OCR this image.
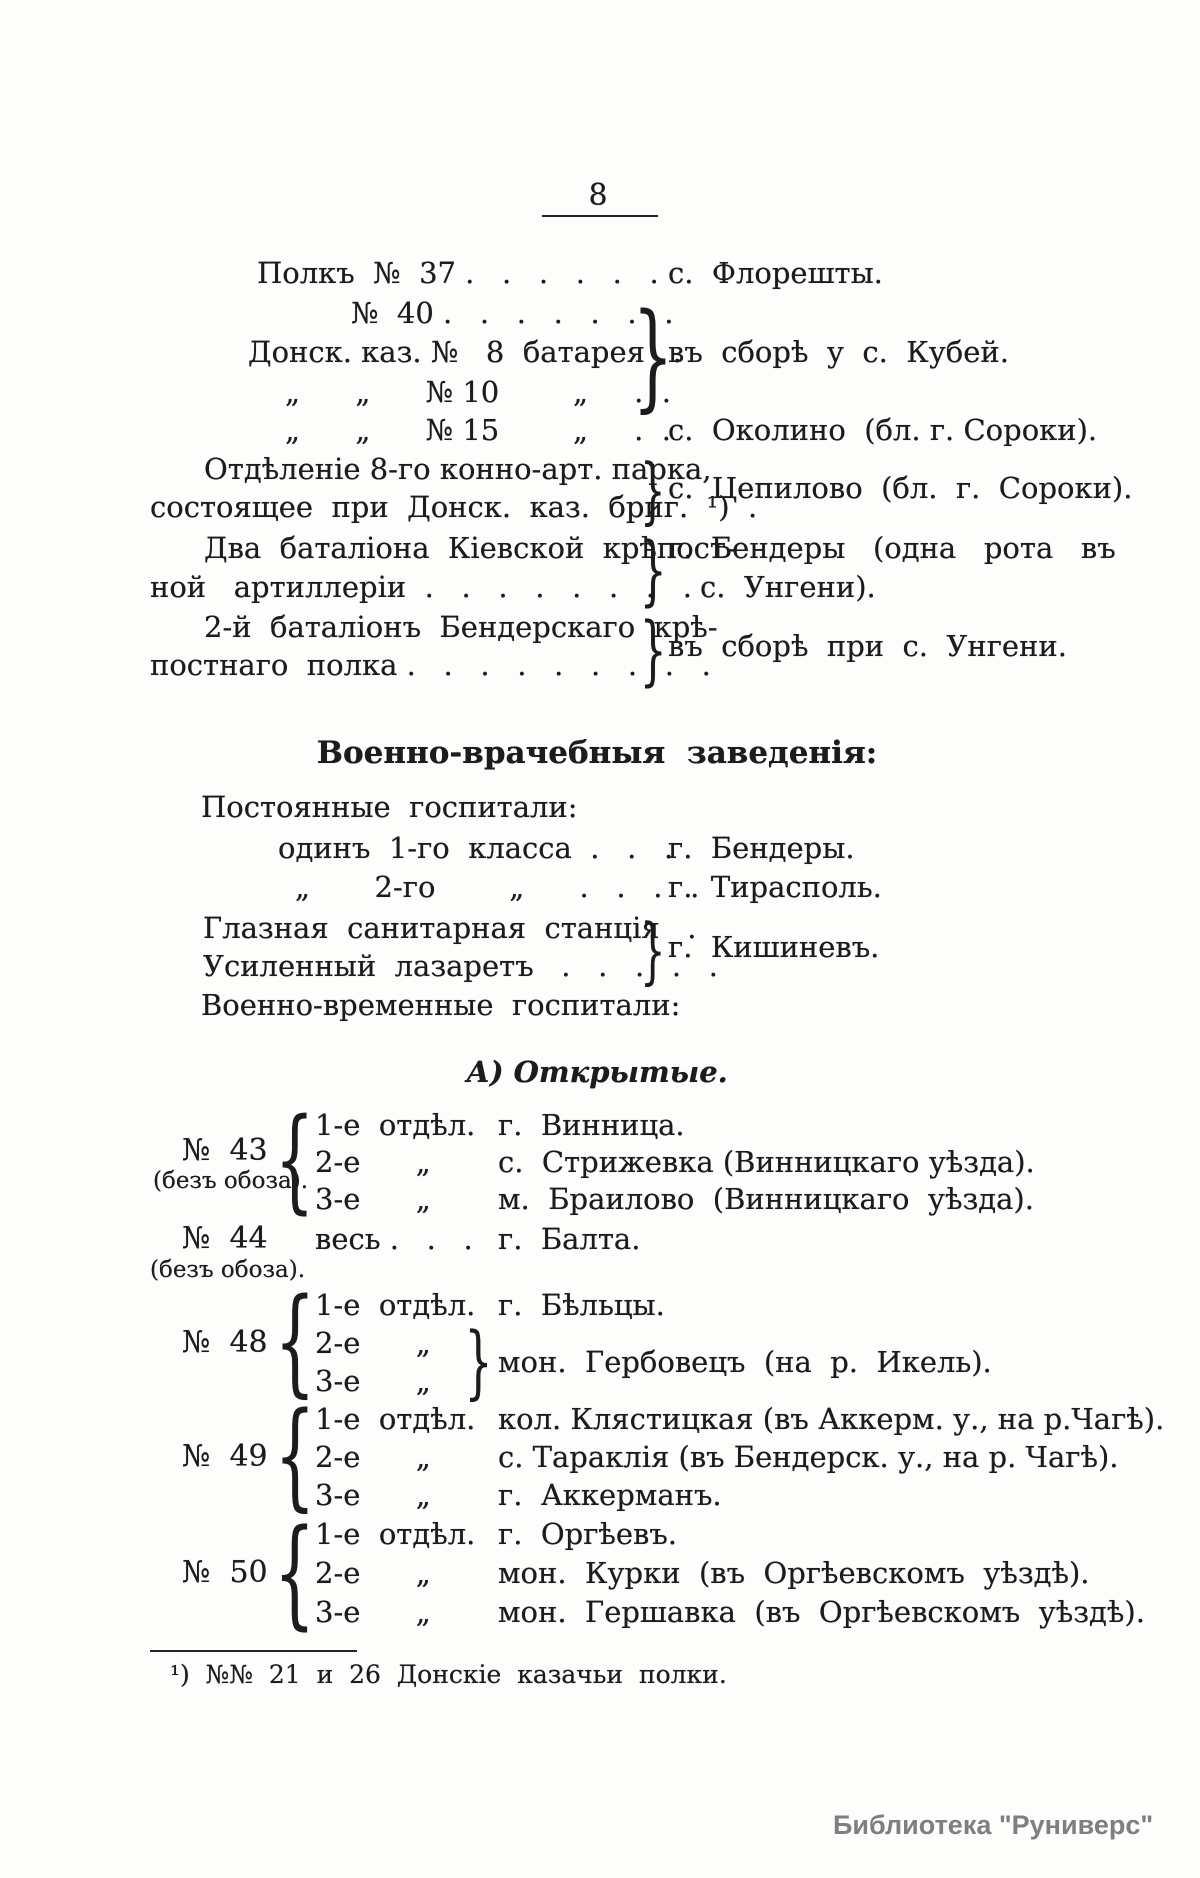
8
Полкъ  №  37 .   .   .   .   .   . с.  Флорешты.
№  40 .   .   .   .   .   .   .
Донск. каз. №   8  батарея . .
„      „      № 10        „     .  .
„      „      № 15        „     .  .
с.  Околино  (бл. г. Сороки).
}
въ  сборѣ  у  с.  Кубей.
Отдѣленіе 8-го конно-арт. парка,
состоящее  при  Донск.  каз.  бриг.  ¹)  .
}
с.  Цепилово  (бл.  г.  Сороки).
Два  баталіона  Кіевской  крѣпост-
г.  Бендеры   (одна   рота   въ
ной   артиллеріи  .   .   .   .   .   .   .   . с.  Унгени).
}
2-й  баталіонъ  Бендерскаго  крѣ-
постнаго  полка .   .   .   .   .   .   .   .   .
}
въ  сборѣ  при  с.  Унгени.
Военно-врачебныя  заведенія:
Постоянные  госпитали:
одинъ  1-го  класса  .   .   .
г.  Бендеры.
„       2-го        „      .   .   .   .
г.  Тирасполь.
Глазная  санитарная  станція   .
Усиленный  лазаретъ   .   .   .   .   .
}
г.  Кишиневъ.
Военно-временные  госпитали:
А) Открытые.
№  43
(безъ обоза).
{
1-е  отдѣл. г.  Винница.
2-е      „ с.  Стрижевка (Винницкаго уѣзда).
3-е      „ м.  Браилово  (Винницкаго  уѣзда).
№  44
(безъ обоза).
весь .   .   . г.  Балта.
№  48
{
1-е  отдѣл. г.  Бѣльцы.
2-е      „
3-е      „
}
мон.  Гербовецъ  (на  р.  Икель).
№  49
{
1-е  отдѣл. кол. Клястицкая (въ Аккерм. у., на р.Чагѣ).
2-е      „ с. Тараклія (въ Бендерск. у., на р. Чагѣ).
3-е      „ г.  Аккерманъ.
№  50
{
1-е  отдѣл. г.  Оргѣевъ.
2-е      „ мон.  Курки  (въ  Оргѣевскомъ  уѣздѣ).
3-е      „ мон.  Гершавка  (въ  Оргѣевскомъ  уѣздѣ).
¹)  №№  21  и  26  Донскіе  казачьи  полки.
Библиотека "Руниверс"
